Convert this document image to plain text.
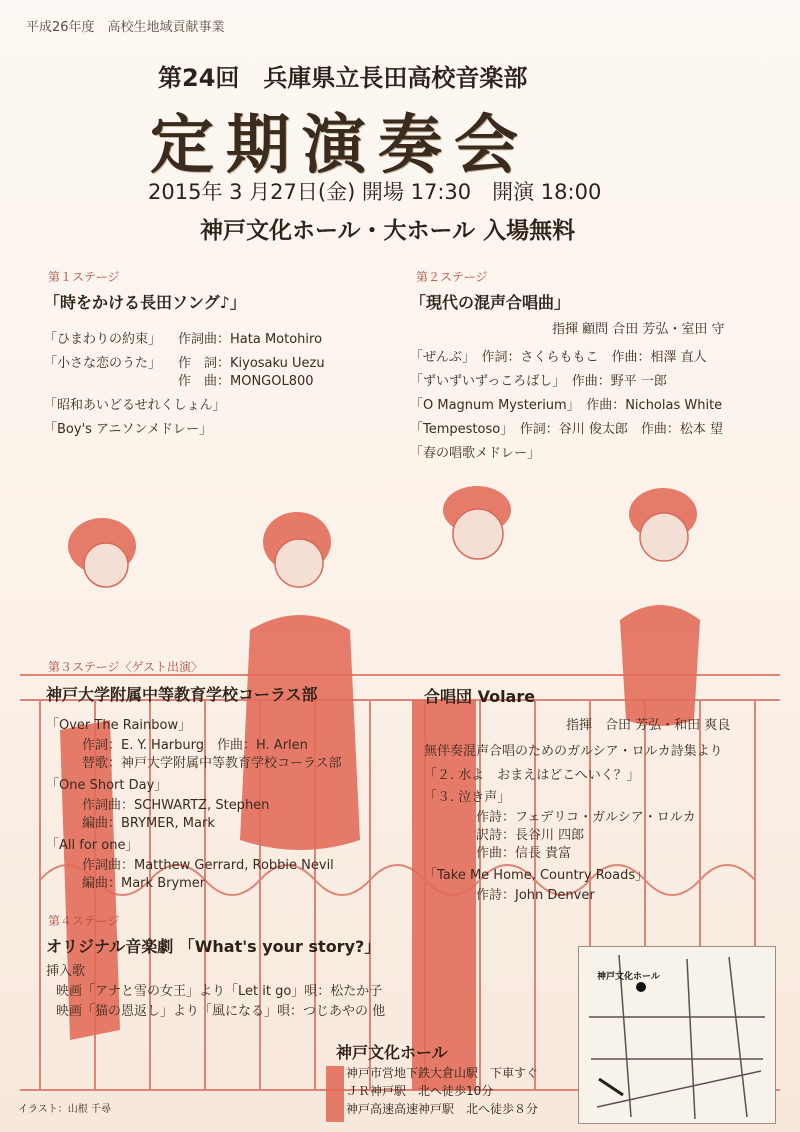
平成26年度　高校生地域貢献事業
第24回　兵庫県立長田高校音楽部
定期演奏会
2015年 3 月27日(金) 開場 17:30　開演 18:00
神戸文化ホール・大ホール 入場無料
第１ステージ
「時をかける長田ソング♪」
「ひまわりの約束」 作詞曲：Hata Motohiro
「小さな恋のうた」 作　詞：Kiyosaku Uezu
作　曲：MONGOL800
「昭和あいどるせれくしょん」
「Boy's アニソンメドレー」
第２ステージ
「現代の混声合唱曲」
指揮 顧問 合田 芳弘・室田 守
「ぜんぶ」　作詞：さくらももこ　作曲：相澤 直人
「ずいずいずっころばし」　作曲：野平 一郎
「O Magnum Mysterium」　作曲：Nicholas White
「Tempestoso」　作詞：谷川 俊太郎　作曲：松本 望
「春の唱歌メドレー」
第３ステージ〈ゲスト出演〉
神戸大学附属中等教育学校コーラス部
「Over The Rainbow」
作詞：E. Y. Harburg　作曲：H. Arlen
替歌：神戸大学附属中等教育学校コーラス部
「One Short Day」
作詞曲：SCHWARTZ, Stephen
編曲：BRYMER, Mark
「All for one」
作詞曲：Matthew Gerrard, Robbie Nevil
編曲：Mark Brymer
合唱団 Volare
指揮　合田 芳弘・和田 爽良
無伴奏混声合唱のためのガルシア・ロルカ詩集より
「２. 水よ　おまえはどこへいく？」
「３. 泣き声」
作詩：フェデリコ・ガルシア・ロルカ
訳詩：長谷川 四郎
作曲：信長 貴富
「Take Me Home, Country Roads」
作詩：John Denver
第４ステージ
オリジナル音楽劇 「What's your story?」
挿入歌
映画「アナと雪の女王」より「Let it go」唄：松たか子
映画「猫の恩返し」より「風になる」唄：つじあやの 他
神戸文化ホール
神戸市営地下鉄大倉山駅　下車すぐ
ＪＲ神戸駅　北へ徒歩10分
神戸高速高速神戸駅　北へ徒歩８分
神戸文化ホール
イラスト：山根 千尋
